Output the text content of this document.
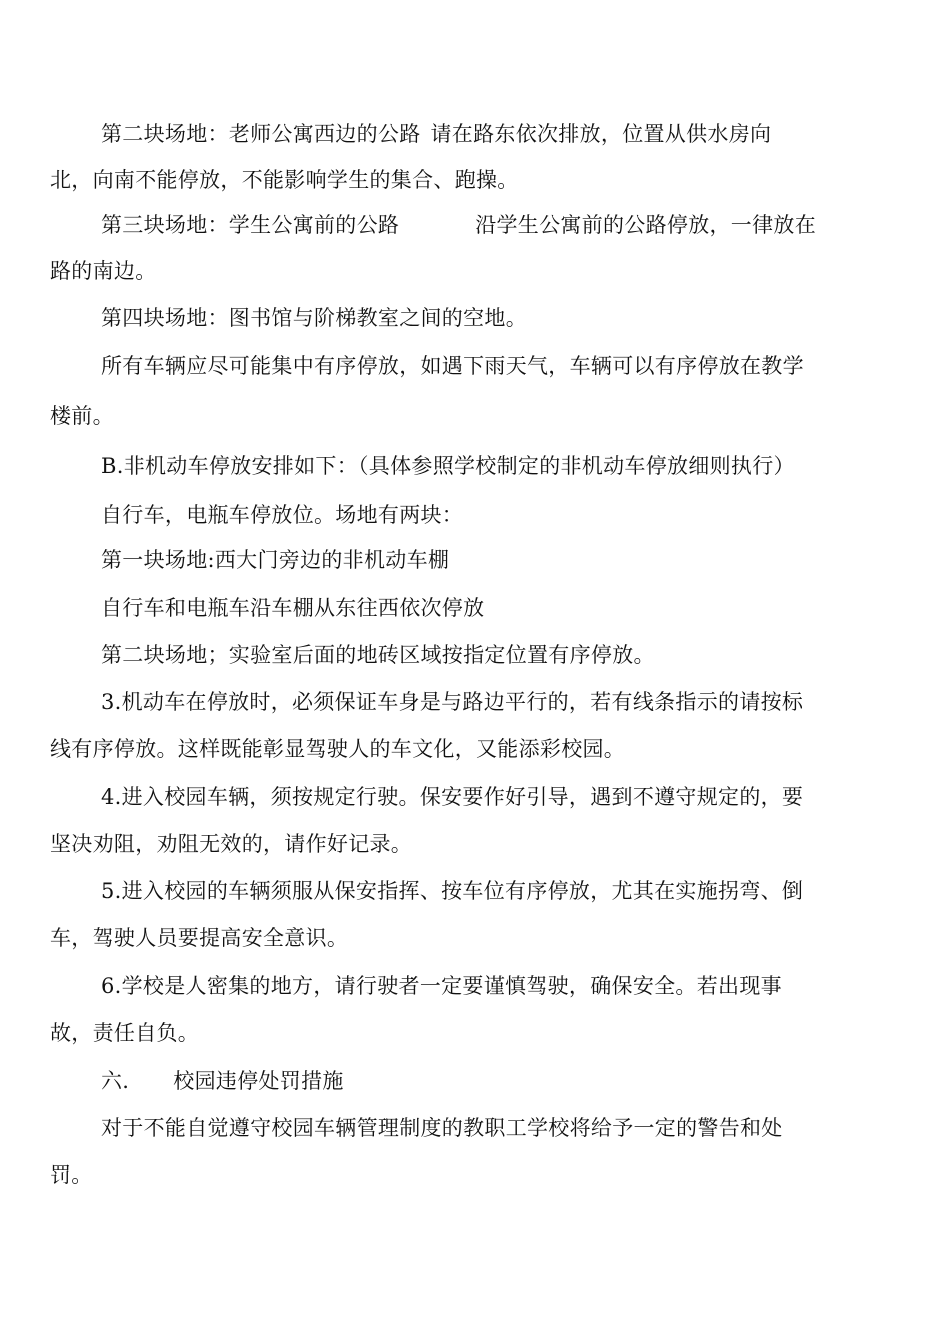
第二块场地：老师公寓西边的公路 请在路东依次排放，位置从供水房向
北，向南不能停放，不能影响学生的集合、跑操。
第三块场地：学生公寓前的公路	沿学生公寓前的公路停放，一律放在
路的南边。
第四块场地：图书馆与阶梯教室之间的空地。
所有车辆应尽可能集中有序停放，如遇下雨天气，车辆可以有序停放在教学
楼前。
B.非机动车停放安排如下：（具体参照学校制定的非机动车停放细则执行）
自行车，电瓶车停放位。场地有两块：
第一块场地:西大门旁边的非机动车棚
自行车和电瓶车沿车棚从东往西依次停放
第二块场地；实验室后面的地砖区域按指定位置有序停放。
3.机动车在停放时，必须保证车身是与路边平行的，若有线条指示的请按标
线有序停放。这样既能彰显驾驶人的车文化，又能添彩校园。
4.进入校园车辆，须按规定行驶。保安要作好引导，遇到不遵守规定的，要
坚决劝阻，劝阻无效的，请作好记录。
5.进入校园的车辆须服从保安指挥、按车位有序停放，尤其在实施拐弯、倒
车，驾驶人员要提高安全意识。
6.学校是人密集的地方，请行驶者一定要谨慎驾驶，确保安全。若出现事
故，责任自负。
六. 校园违停处罚措施
对于不能自觉遵守校园车辆管理制度的教职工学校将给予一定的警告和处
罚。
